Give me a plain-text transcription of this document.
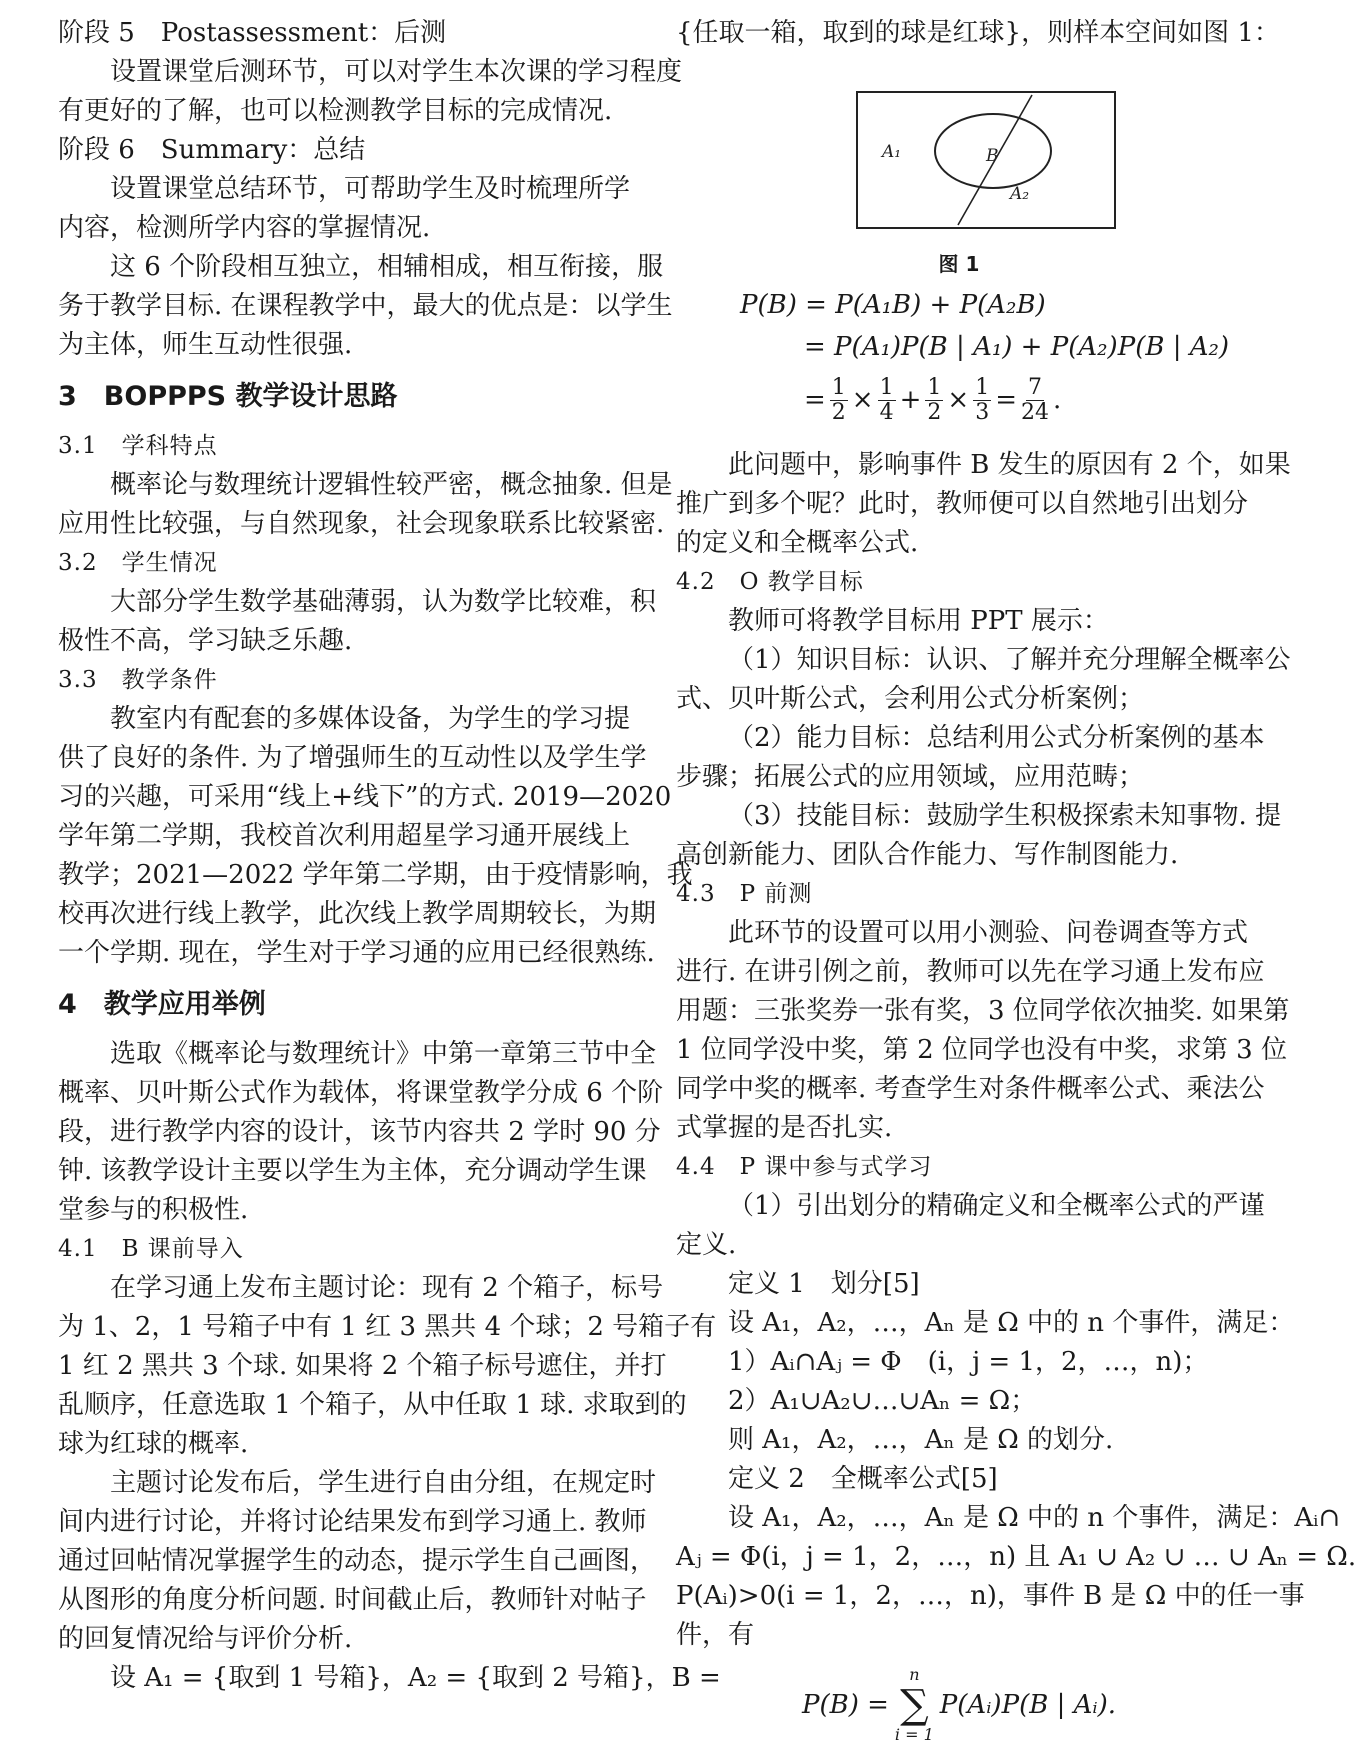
阶段 5　Postassessment：后测
设置课堂后测环节，可以对学生本次课的学习程度
有更好的了解，也可以检测教学目标的完成情况.
阶段 6　Summary：总结
设置课堂总结环节，可帮助学生及时梳理所学
内容，检测所学内容的掌握情况.
这 6 个阶段相互独立，相辅相成，相互衔接，服
务于教学目标. 在课程教学中，最大的优点是：以学生
为主体，师生互动性很强.
3　BOPPPS 教学设计思路
3.1　学科特点
概率论与数理统计逻辑性较严密，概念抽象. 但是
应用性比较强，与自然现象，社会现象联系比较紧密.
3.2　学生情况
大部分学生数学基础薄弱，认为数学比较难，积
极性不高，学习缺乏乐趣.
3.3　教学条件
教室内有配套的多媒体设备，为学生的学习提
供了良好的条件. 为了增强师生的互动性以及学生学
习的兴趣，可采用“线上+线下”的方式. 2019—2020
学年第二学期，我校首次利用超星学习通开展线上
教学；2021—2022 学年第二学期，由于疫情影响，我
校再次进行线上教学，此次线上教学周期较长，为期
一个学期. 现在，学生对于学习通的应用已经很熟练.
4　教学应用举例
选取《概率论与数理统计》中第一章第三节中全
概率、贝叶斯公式作为载体，将课堂教学分成 6 个阶
段，进行教学内容的设计，该节内容共 2 学时 90 分
钟. 该教学设计主要以学生为主体，充分调动学生课
堂参与的积极性.
4.1　B 课前导入
在学习通上发布主题讨论：现有 2 个箱子，标号
为 1、2，1 号箱子中有 1 红 3 黑共 4 个球；2 号箱子有
1 红 2 黑共 3 个球. 如果将 2 个箱子标号遮住，并打
乱顺序，任意选取 1 个箱子，从中任取 1 球. 求取到的
球为红球的概率.
主题讨论发布后，学生进行自由分组，在规定时
间内进行讨论，并将讨论结果发布到学习通上. 教师
通过回帖情况掌握学生的动态，提示学生自己画图，
从图形的角度分析问题. 时间截止后，教师针对帖子
的回复情况给与评价分析.
设 A₁ = {取到 1 号箱}，A₂ = {取到 2 号箱}，B =
{任取一箱，取到的球是红球}，则样本空间如图 1：
A₁	B
A₂
图 1
P(B) = P(A₁B) + P(A₂B)
= P(A₁)P(B | A₁) + P(A₂)P(B | A₂)
= $\frac{1}{2} \times \frac{1}{4} + \frac{1}{2} \times \frac{1}{3} = \frac{7}{24}$ .
此问题中，影响事件 B 发生的原因有 2 个，如果
推广到多个呢？此时，教师便可以自然地引出划分
的定义和全概率公式.
4.2　O 教学目标
教师可将教学目标用 PPT 展示：
（1）知识目标：认识、了解并充分理解全概率公
式、贝叶斯公式，会利用公式分析案例；
（2）能力目标：总结利用公式分析案例的基本
步骤；拓展公式的应用领域，应用范畴；
（3）技能目标：鼓励学生积极探索未知事物. 提
高创新能力、团队合作能力、写作制图能力.
4.3　P 前测
此环节的设置可以用小测验、问卷调查等方式
进行. 在讲引例之前，教师可以先在学习通上发布应
用题：三张奖券一张有奖，3 位同学依次抽奖. 如果第
1 位同学没中奖，第 2 位同学也没有中奖，求第 3 位
同学中奖的概率. 考查学生对条件概率公式、乘法公
式掌握的是否扎实.
4.4　P 课中参与式学习
（1）引出划分的精确定义和全概率公式的严谨
定义.
定义 1　划分[5]
设 A₁，A₂，…，Aₙ 是 Ω 中的 n 个事件，满足：
1）Aᵢ∩Aⱼ = Φ　(i，j = 1，2，…，n)；
2）A₁∪A₂∪…∪Aₙ = Ω；
则 A₁，A₂，…，Aₙ 是 Ω 的划分.
定义 2　全概率公式[5]
设 A₁，A₂，…，Aₙ 是 Ω 中的 n 个事件，满足：Aᵢ∩
Aⱼ = Φ(i，j = 1，2，…，n) 且 A₁ ∪ A₂ ∪ … ∪ Aₙ = Ω.
P(Aᵢ)>0(i = 1，2，…，n)，事件 B 是 Ω 中的任一事
件，有
P(B) =
n
∑
i = 1
P(Aᵢ)P(B | Aᵢ).
